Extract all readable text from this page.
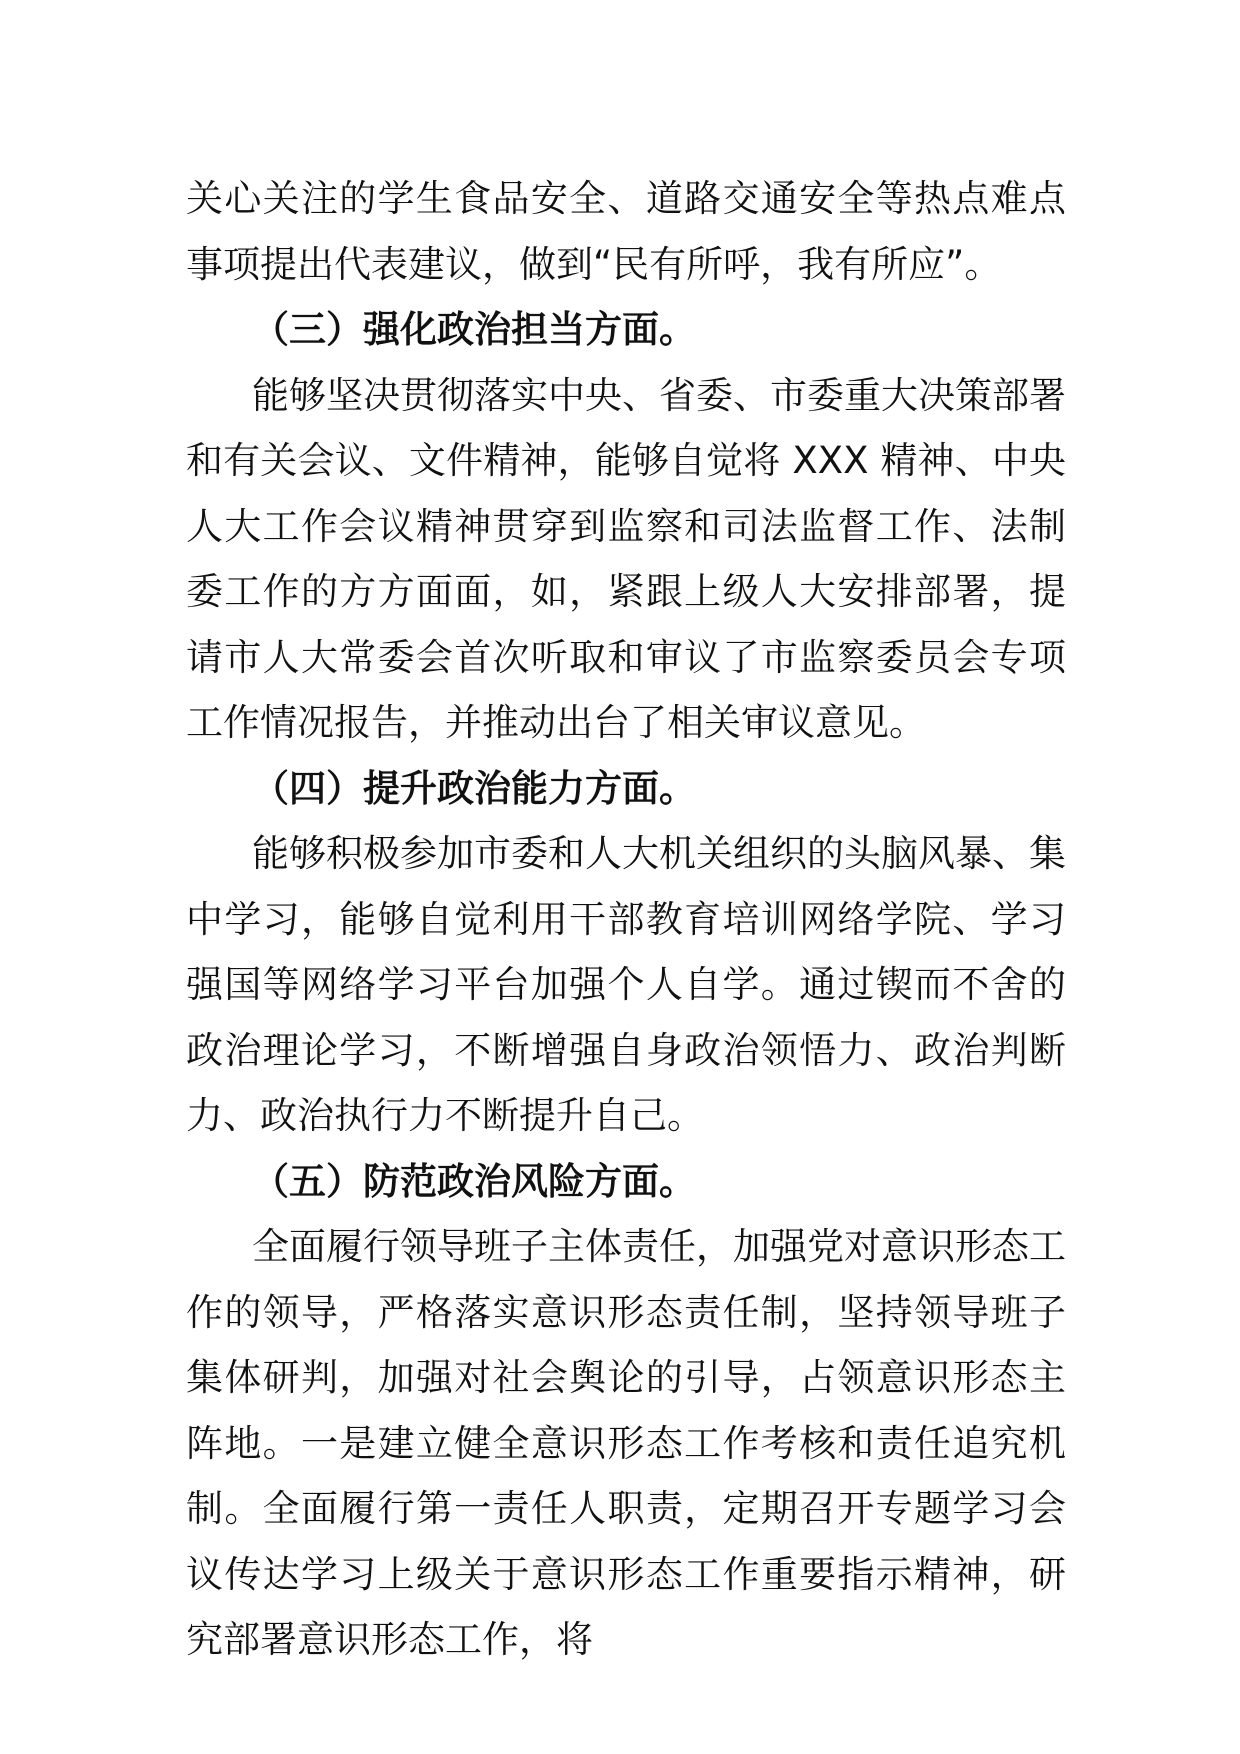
关心关注的学生食品安全、道路交通安全等热点难点事项提出代表建议，做到“民有所呼，我有所应”。

（三）强化政治担当方面。

能够坚决贯彻落实中央、省委、市委重大决策部署和有关会议、文件精神，能够自觉将 XXX 精神、中央人大工作会议精神贯穿到监察和司法监督工作、法制委工作的方方面面，如，紧跟上级人大安排部署，提请市人大常委会首次听取和审议了市监察委员会专项工作情况报告，并推动出台了相关审议意见。

（四）提升政治能力方面。

能够积极参加市委和人大机关组织的头脑风暴、集中学习，能够自觉利用干部教育培训网络学院、学习强国等网络学习平台加强个人自学。通过锲而不舍的政治理论学习，不断增强自身政治领悟力、政治判断力、政治执行力不断提升自己。

（五）防范政治风险方面。

全面履行领导班子主体责任，加强党对意识形态工作的领导，严格落实意识形态责任制，坚持领导班子集体研判，加强对社会舆论的引导，占领意识形态主阵地。一是建立健全意识形态工作考核和责任追究机制。全面履行第一责任人职责，定期召开专题学习会议传达学习上级关于意识形态工作重要指示精神，研究部署意识形态工作，将
